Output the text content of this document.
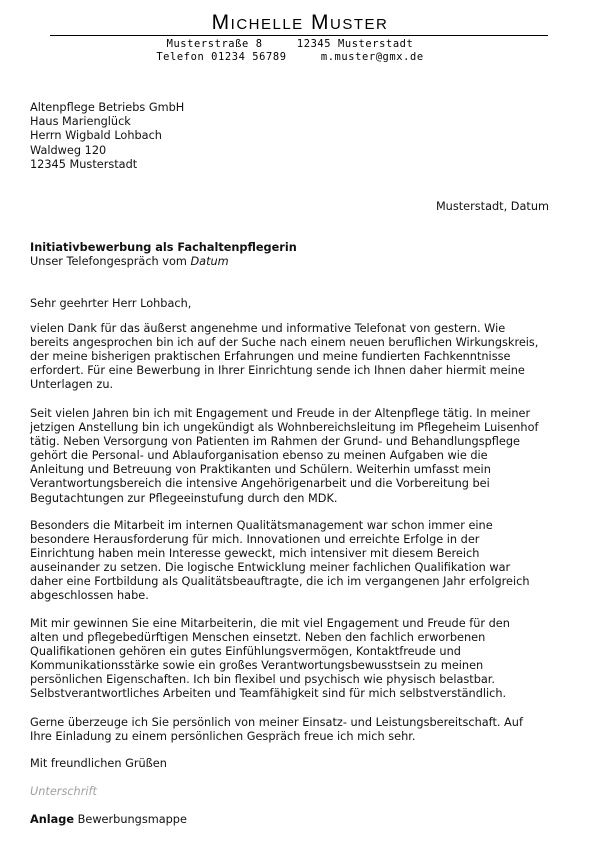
Michelle Muster
Musterstraße 8     12345 Musterstadt
Telefon 01234 56789     m.muster@gmx.de
Altenpflege Betriebs GmbH
Haus Marienglück
Herrn Wigbald Lohbach
Waldweg 120
12345 Musterstadt
Musterstadt, Datum
Initiativbewerbung als Fachaltenpflegerin
Unser Telefongespräch vom Datum
Sehr geehrter Herr Lohbach,

vielen Dank für das äußerst angenehme und informative Telefonat von gestern. Wie
bereits angesprochen bin ich auf der Suche nach einem neuen beruflichen Wirkungskreis,
der meine bisherigen praktischen Erfahrungen und meine fundierten Fachkenntnisse
erfordert. Für eine Bewerbung in Ihrer Einrichtung sende ich Ihnen daher hiermit meine
Unterlagen zu.

Seit vielen Jahren bin ich mit Engagement und Freude in der Altenpflege tätig. In meiner
jetzigen Anstellung bin ich ungekündigt als Wohnbereichsleitung im Pflegeheim Luisenhof
tätig. Neben Versorgung von Patienten im Rahmen der Grund- und Behandlungspflege
gehört die Personal- und Ablauforganisation ebenso zu meinen Aufgaben wie die
Anleitung und Betreuung von Praktikanten und Schülern. Weiterhin umfasst mein
Verantwortungsbereich die intensive Angehörigenarbeit und die Vorbereitung bei
Begutachtungen zur Pflegeeinstufung durch den MDK.

Besonders die Mitarbeit im internen Qualitätsmanagement war schon immer eine
besondere Herausforderung für mich. Innovationen und erreichte Erfolge in der
Einrichtung haben mein Interesse geweckt, mich intensiver mit diesem Bereich
auseinander zu setzen. Die logische Entwicklung meiner fachlichen Qualifikation war
daher eine Fortbildung als Qualitätsbeauftragte, die ich im vergangenen Jahr erfolgreich
abgeschlossen habe.

Mit mir gewinnen Sie eine Mitarbeiterin, die mit viel Engagement und Freude für den
alten und pflegebedürftigen Menschen einsetzt. Neben den fachlich erworbenen
Qualifikationen gehören ein gutes Einfühlungsvermögen, Kontaktfreude und
Kommunikationsstärke sowie ein großes Verantwortungsbewusstsein zu meinen
persönlichen Eigenschaften. Ich bin flexibel und psychisch wie physisch belastbar.
Selbstverantwortliches Arbeiten und Teamfähigkeit sind für mich selbstverständlich.

Gerne überzeuge ich Sie persönlich von meiner Einsatz- und Leistungsbereitschaft. Auf
Ihre Einladung zu einem persönlichen Gespräch freue ich mich sehr.

Mit freundlichen Grüßen
Unterschrift
Anlage Bewerbungsmappe
